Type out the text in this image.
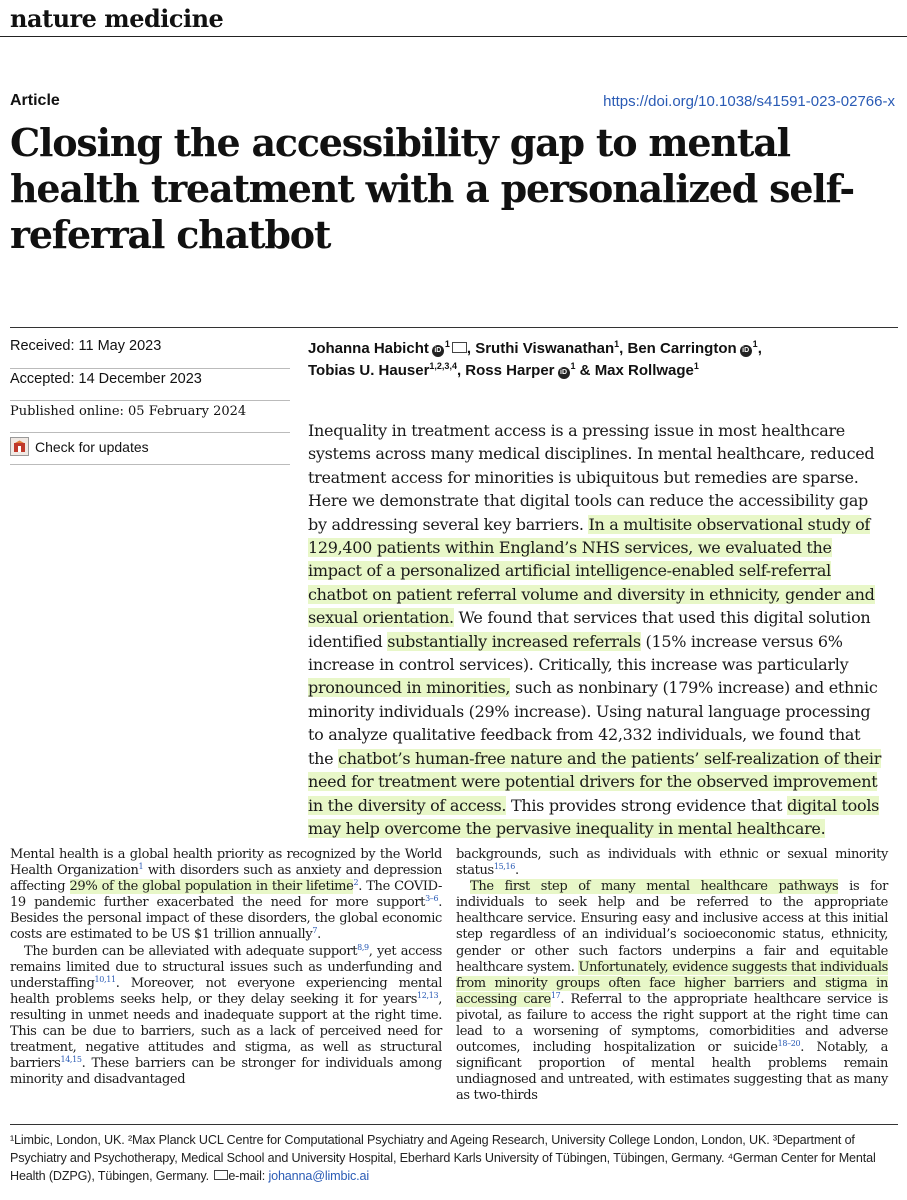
nature medicine
Article	https://doi.org/10.1038/s41591-023-02766-x
Closing the accessibility gap to mental health treatment with a personalized self-referral chatbot
Received: 11 May 2023
Accepted: 14 December 2023
Published online: 05 February 2024
Check for updates
Johanna Habicht $iD^1$ , Sruthi Viswanathan$^1$, Ben Carrington $iD^1$,
Tobias U. Hauser$^{1,2,3,4}$, Ross Harper $iD^1$ & Max Rollwage$^1$
Inequality in treatment access is a pressing issue in most healthcare systems across many medical disciplines. In mental healthcare, reduced treatment access for minorities is ubiquitous but remedies are sparse. Here we demonstrate that digital tools can reduce the accessibility gap by addressing several key barriers. In a multisite observational study of 129,400 patients within England’s NHS services, we evaluated the impact of a personalized artificial intelligence-enabled self-referral chatbot on patient referral volume and diversity in ethnicity, gender and sexual orientation. We found that services that used this digital solution identified substantially increased referrals (15% increase versus 6% increase in control services). Critically, this increase was particularly pronounced in minorities, such as nonbinary (179% increase) and ethnic minority individuals (29% increase). Using natural language processing to analyze qualitative feedback from 42,332 individuals, we found that the chatbot’s human-free nature and the patients’ self-realization of their need for treatment were potential drivers for the observed improvement in the diversity of access. This provides strong evidence that digital tools may help overcome the pervasive inequality in mental healthcare.

Mental health is a global health priority as recognized by the World Health Organization$^1$ with disorders such as anxiety and depression affecting 29% of the global population in their lifetime$^2$. The COVID-19 pandemic further exacerbated the need for more support$^{3-6}$. Besides the personal impact of these disorders, the global economic costs are estimated to be US $1 trillion annually$^7$.

The burden can be alleviated with adequate support$^{8,9}$, yet access remains limited due to structural issues such as underfunding and understaffing$^{10,11}$. Moreover, not everyone experiencing mental health problems seeks help, or they delay seeking it for years$^{12,13}$, resulting in unmet needs and inadequate support at the right time. This can be due to barriers, such as a lack of perceived need for treatment, negative attitudes and stigma, as well as structural barriers$^{14,15}$. These barriers can be stronger for individuals among minority and disadvantaged

backgrounds, such as individuals with ethnic or sexual minority status$^{15,16}$.

The first step of many mental healthcare pathways is for individuals to seek help and be referred to the appropriate healthcare service. Ensuring easy and inclusive access at this initial step regardless of an individual’s socioeconomic status, ethnicity, gender or other such factors underpins a fair and equitable healthcare system. Unfortunately, evidence suggests that individuals from minority groups often face higher barriers and stigma in accessing care$^{17}$. Referral to the appropriate healthcare service is pivotal, as failure to access the right support at the right time can lead to a worsening of symptoms, comorbidities and adverse outcomes, including hospitalization or suicide$^{18-20}$. Notably, a significant proportion of mental health problems remain undiagnosed and untreated, with estimates suggesting that as many as two-thirds

¹Limbic, London, UK. ²Max Planck UCL Centre for Computational Psychiatry and Ageing Research, University College London, London, UK. ³Department of Psychiatry and Psychotherapy, Medical School and University Hospital, Eberhard Karls University of Tübingen, Tübingen, Germany. ⁴German Center for Mental Health (DZPG), Tübingen, Germany. e-mail: johanna@limbic.ai
